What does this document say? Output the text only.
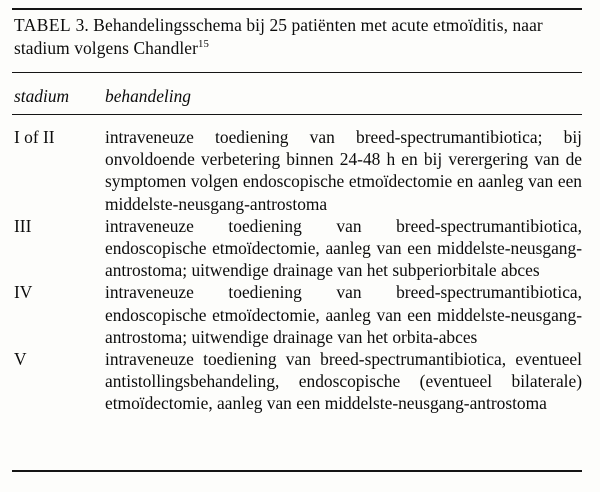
TABEL 3. Behandelingsschema bij 25 patiënten met acute etmoïditis, naar stadium volgens Chandler$^{15}$
stadium behandeling
I of II	intraveneuze toediening van breed-spectrumantibiotica; bij onvoldoende verbetering binnen 24-48 h en bij verergering van de symptomen volgen endoscopische etmoïdectomie en aanleg van een middelste-neusgang-antrostoma
III	intraveneuze toediening van breed-spectrumantibiotica, endoscopische etmoïdectomie, aanleg van een middelste-neusgang-antrostoma; uitwendige drainage van het subperiorbitale abces
IV	intraveneuze toediening van breed-spectrumantibiotica, endoscopische etmoïdectomie, aanleg van een middelste-neusgang-antrostoma; uitwendige drainage van het orbita-abces
V	intraveneuze toediening van breed-spectrumantibiotica, eventueel antistollingsbehandeling, endoscopische (eventueel bilaterale) etmoïdectomie, aanleg van een middelste-neusgang-antrostoma
